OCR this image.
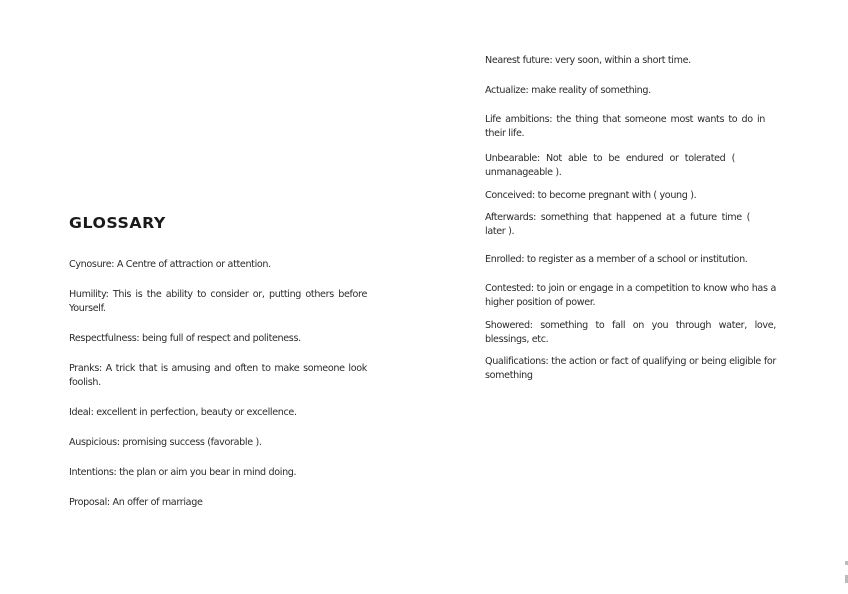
GLOSSARY

Cynosure: A Centre of attraction or attention.

Humility: This is the ability to consider or, putting others before Yourself.

Respectfulness: being full of respect and politeness.

Pranks: A trick that is amusing and often to make someone look foolish.

Ideal: excellent in perfection, beauty or excellence.

Auspicious: promising success (favorable ).

Intentions: the plan or aim you bear in mind doing.

Proposal: An offer of marriage

Nearest future: very soon, within a short time.

Actualize: make reality of something.

Life ambitions: the thing that someone most wants to do in their life.

Unbearable: Not able to be endured or tolerated ( unmanageable ).

Conceived: to become pregnant with ( young ).

Afterwards: something that happened at a future time ( later ).

Enrolled: to register as a member of a school or institution.

Contested: to join or engage in a competition to know who has a higher position of power.

Showered: something to fall on you through water, love, blessings, etc.

Qualifications: the action or fact of qualifying or being eligible for something
